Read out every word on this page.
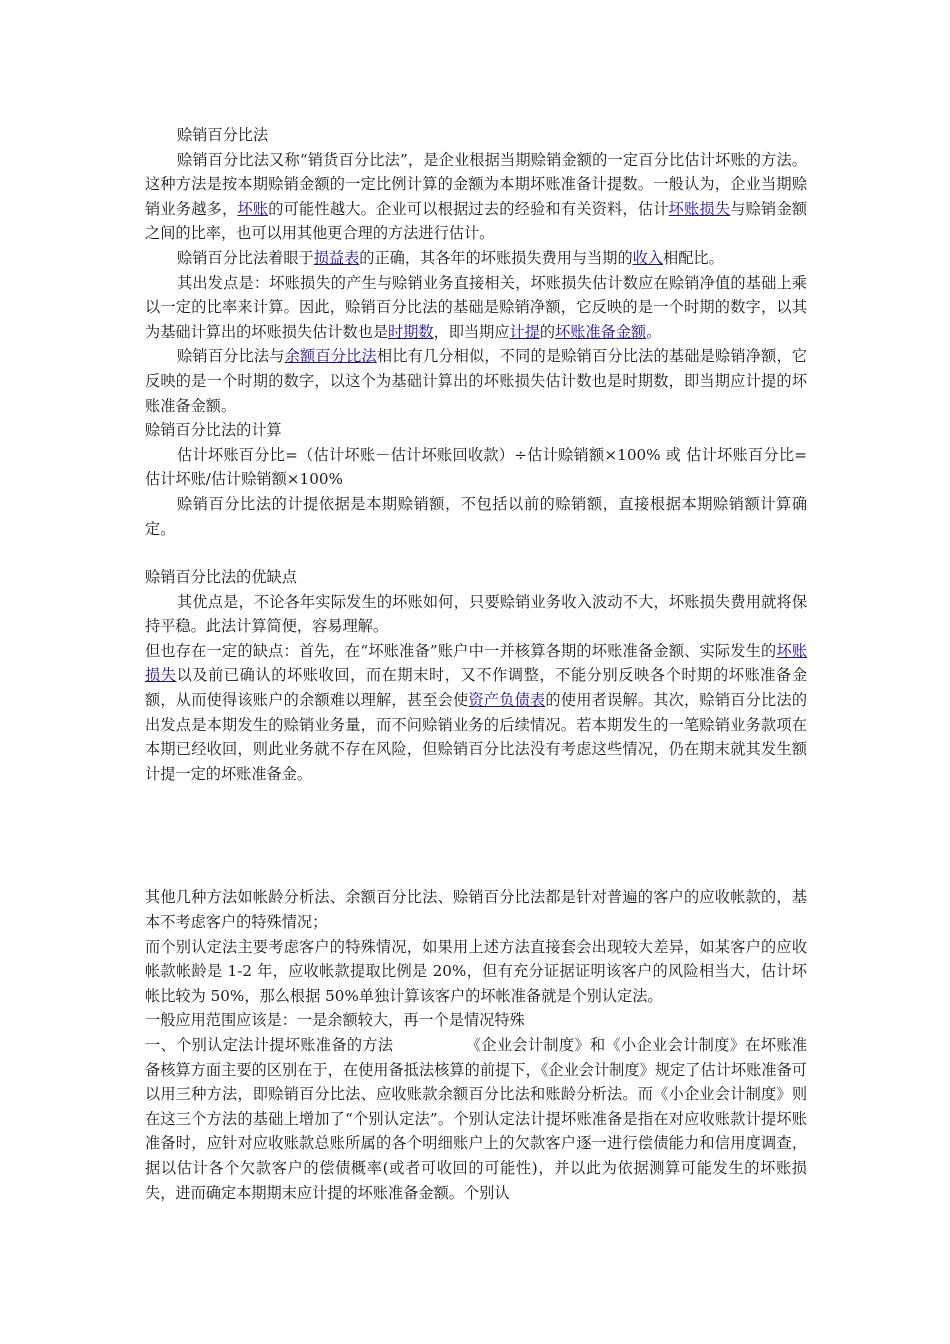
赊销百分比法

赊销百分比法又称“销货百分比法”，是企业根据当期赊销金额的一定百分比估计坏账的方法。这种方法是按本期赊销金额的一定比例计算的金额为本期坏账准备计提数。一般认为，企业当期赊销业务越多，坏账的可能性越大。企业可以根据过去的经验和有关资料，估计坏账损失与赊销金额之间的比率，也可以用其他更合理的方法进行估计。

赊销百分比法着眼于损益表的正确，其各年的坏账损失费用与当期的收入相配比。

其出发点是：坏账损失的产生与赊销业务直接相关，坏账损失估计数应在赊销净值的基础上乘以一定的比率来计算。因此，赊销百分比法的基础是赊销净额，它反映的是一个时期的数字，以其为基础计算出的坏账损失估计数也是时期数，即当期应计提的坏账准备金额。

赊销百分比法与余额百分比法相比有几分相似，不同的是赊销百分比法的基础是赊销净额，它反映的是一个时期的数字，以这个为基础计算出的坏账损失估计数也是时期数，即当期应计提的坏账准备金额。

赊销百分比法的计算

估计坏账百分比=（估计坏账－估计坏账回收款）÷估计赊销额×100% 或 估计坏账百分比=估计坏账/估计赊销额×100%

赊销百分比法的计提依据是本期赊销额，不包括以前的赊销额，直接根据本期赊销额计算确定。

赊销百分比法的优缺点

其优点是，不论各年实际发生的坏账如何，只要赊销业务收入波动不大，坏账损失费用就将保持平稳。此法计算简便，容易理解。

但也存在一定的缺点：首先，在“坏账准备”账户中一并核算各期的坏账准备金额、实际发生的坏账损失以及前已确认的坏账收回，而在期末时，又不作调整，不能分别反映各个时期的坏账准备金额，从而使得该账户的余额难以理解，甚至会使资产负债表的使用者误解。其次，赊销百分比法的出发点是本期发生的赊销业务量，而不问赊销业务的后续情况。若本期发生的一笔赊销业务款项在本期已经收回，则此业务就不存在风险，但赊销百分比法没有考虑这些情况，仍在期末就其发生额计提一定的坏账准备金。

其他几种方法如帐龄分析法、余额百分比法、赊销百分比法都是针对普遍的客户的应收帐款的，基本不考虑客户的特殊情况；

而个别认定法主要考虑客户的特殊情况，如果用上述方法直接套会出现较大差异，如某客户的应收帐款帐龄是 1-2 年，应收帐款提取比例是 20%，但有充分证据证明该客户的风险相当大，估计坏帐比较为 50%，那么根据 50%单独计算该客户的坏帐准备就是个别认定法。

一般应用范围应该是：一是余额较大，再一个是情况特殊

一、个别认定法计提坏账准备的方法	《企业会计制度》和《小企业会计制度》在坏账准备核算方面主要的区别在于，在使用备抵法核算的前提下，《企业会计制度》规定了估计坏账准备可以用三种方法，即赊销百分比法、应收账款余额百分比法和账龄分析法。而《小企业会计制度》则在这三个方法的基础上增加了“个别认定法”。个别认定法计提坏账准备是指在对应收账款计提坏账准备时，应针对应收账款总账所属的各个明细账户上的欠款客户逐一进行偿债能力和信用度调查，据以估计各个欠款客户的偿债概率(或者可收回的可能性)，并以此为依据测算可能发生的坏账损失，进而确定本期期末应计提的坏账准备金额。个别认
